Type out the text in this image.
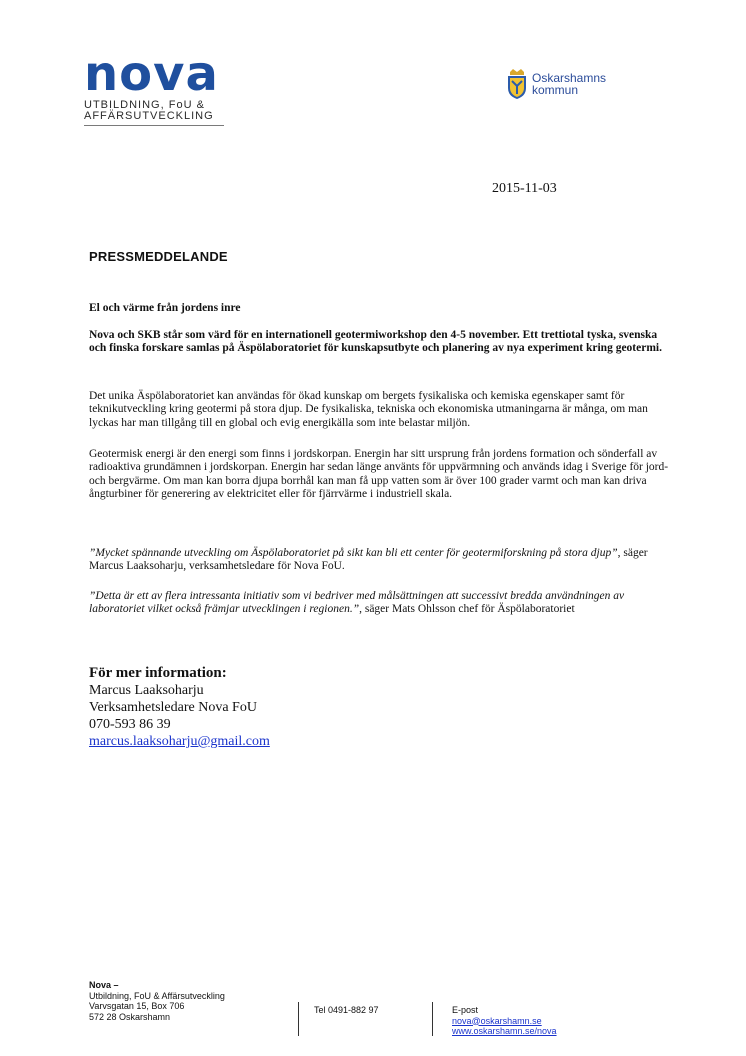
nova
UTBILDNING, FoU &
AFFÄRSUTVECKLING
Oskarshamns
kommun
2015-11-03
PRESSMEDDELANDE
El och värme från jordens inre

Nova och SKB står som värd för en internationell geotermiworkshop den 4-5 november. Ett trettiotal tyska, svenska och finska forskare samlas på Äspölaboratoriet för kunskapsutbyte och planering av nya experiment kring geotermi.

Det unika Äspölaboratoriet kan användas för ökad kunskap om bergets fysikaliska och kemiska egenskaper samt för teknikutveckling kring geotermi på stora djup. De fysikaliska, tekniska och ekonomiska utmaningarna är många, om man lyckas har man tillgång till en global och evig energikälla som inte belastar miljön.

Geotermisk energi är den energi som finns i jordskorpan. Energin har sitt ursprung från jordens formation och sönderfall av radioaktiva grundämnen i jordskorpan. Energin har sedan länge använts för uppvärmning och används idag i Sverige för jord- och bergvärme. Om man kan borra djupa borrhål kan man få upp vatten som är över 100 grader varmt och man kan driva ångturbiner för generering av elektricitet eller för fjärrvärme i industriell skala.

”Mycket spännande utveckling om Äspölaboratoriet på sikt kan bli ett center för geotermiforskning på stora djup”, säger Marcus Laaksoharju, verksamhetsledare för Nova FoU.

”Detta är ett av flera intressanta initiativ som vi bedriver med målsättningen att successivt bredda användningen av laboratoriet vilket också främjar utvecklingen i regionen.”, säger Mats Ohlsson chef för Äspölaboratoriet

För mer information:
Marcus Laaksoharju
Verksamhetsledare Nova FoU
070-593 86 39
marcus.laaksoharju@gmail.com
Nova –
Utbildning, FoU & Affärsutveckling
Varvsgatan 15, Box 706
572 28 Oskarshamn
Tel 0491-882 97	E-post
nova@oskarshamn.se
www.oskarshamn.se/nova
